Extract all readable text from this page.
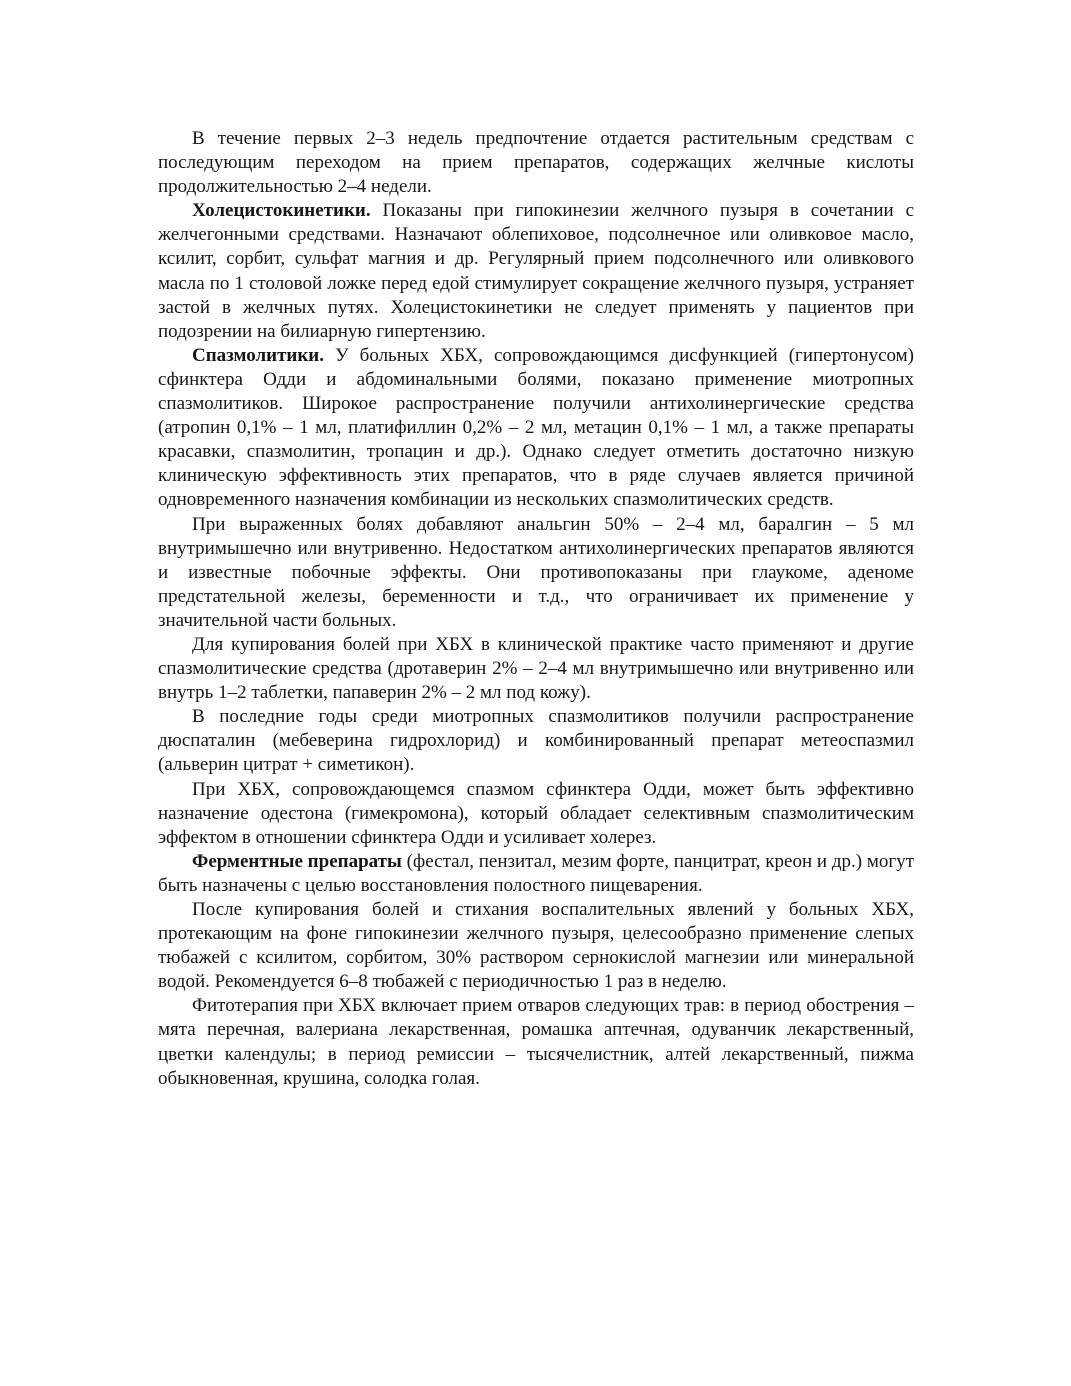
В течение первых 2–3 недель предпочтение отдается растительным средствам с последующим переходом на прием препаратов, содержащих желчные кислоты продолжительностью 2–4 недели.

Холецистокинетики. Показаны при гипокинезии желчного пузыря в сочетании с желчегонными средствами. Назначают облепиховое, подсолнечное или оливковое масло, ксилит, сорбит, сульфат магния и др. Регулярный прием подсолнечного или оливкового масла по 1 столовой ложке перед едой стимулирует сокращение желчного пузыря, устраняет застой в желчных путях. Холецистокинетики не следует применять у пациентов при подозрении на билиарную гипертензию.

Спазмолитики. У больных ХБХ, сопровождающимся дисфункцией (гипертонусом) сфинктера Одди и абдоминальными болями, показано применение миотропных спазмолитиков. Широкое распространение получили антихолинергические средства (атропин 0,1% – 1 мл, платифиллин 0,2% – 2 мл, метацин 0,1% – 1 мл, а также препараты красавки, спазмолитин, тропацин и др.). Однако следует отметить достаточно низкую клиническую эффективность этих препаратов, что в ряде случаев является причиной одновременного назначения комбинации из нескольких спазмолитических средств.

При выраженных болях добавляют анальгин 50% – 2–4 мл, баралгин – 5 мл внутримышечно или внутривенно. Недостатком антихолинергических препаратов являются и известные побочные эффекты. Они противопоказаны при глаукоме, аденоме предстательной железы, беременности и т.д., что ограничивает их применение у значительной части больных.

Для купирования болей при ХБХ в клинической практике часто применяют и другие спазмолитические средства (дротаверин 2% – 2–4 мл внутримышечно или внутривенно или внутрь 1–2 таблетки, папаверин 2% – 2 мл под кожу).

В последние годы среди миотропных спазмолитиков получили распространение дюспаталин (мебеверина гидрохлорид) и комбинированный препарат метеоспазмил (альверин цитрат + симетикон).

При ХБХ, сопровождающемся спазмом сфинктера Одди, может быть эффективно назначение одестона (гимекромона), который обладает селективным спазмолитическим эффектом в отношении сфинктера Одди и усиливает холерез.

Ферментные препараты (фестал, пензитал, мезим форте, панцитрат, креон и др.) могут быть назначены с целью восстановления полостного пищеварения.

После купирования болей и стихания воспалительных явлений у больных ХБХ, протекающим на фоне гипокинезии желчного пузыря, целесообразно применение слепых тюбажей с ксилитом, сорбитом, 30% раствором сернокислой магнезии или минеральной водой. Рекомендуется 6–8 тюбажей с периодичностью 1 раз в неделю.

Фитотерапия при ХБХ включает прием отваров следующих трав: в период обострения – мята перечная, валериана лекарственная, ромашка аптечная, одуванчик лекарственный, цветки календулы; в период ремиссии – тысячелистник, алтей лекарственный, пижма обыкновенная, крушина, солодка голая.
